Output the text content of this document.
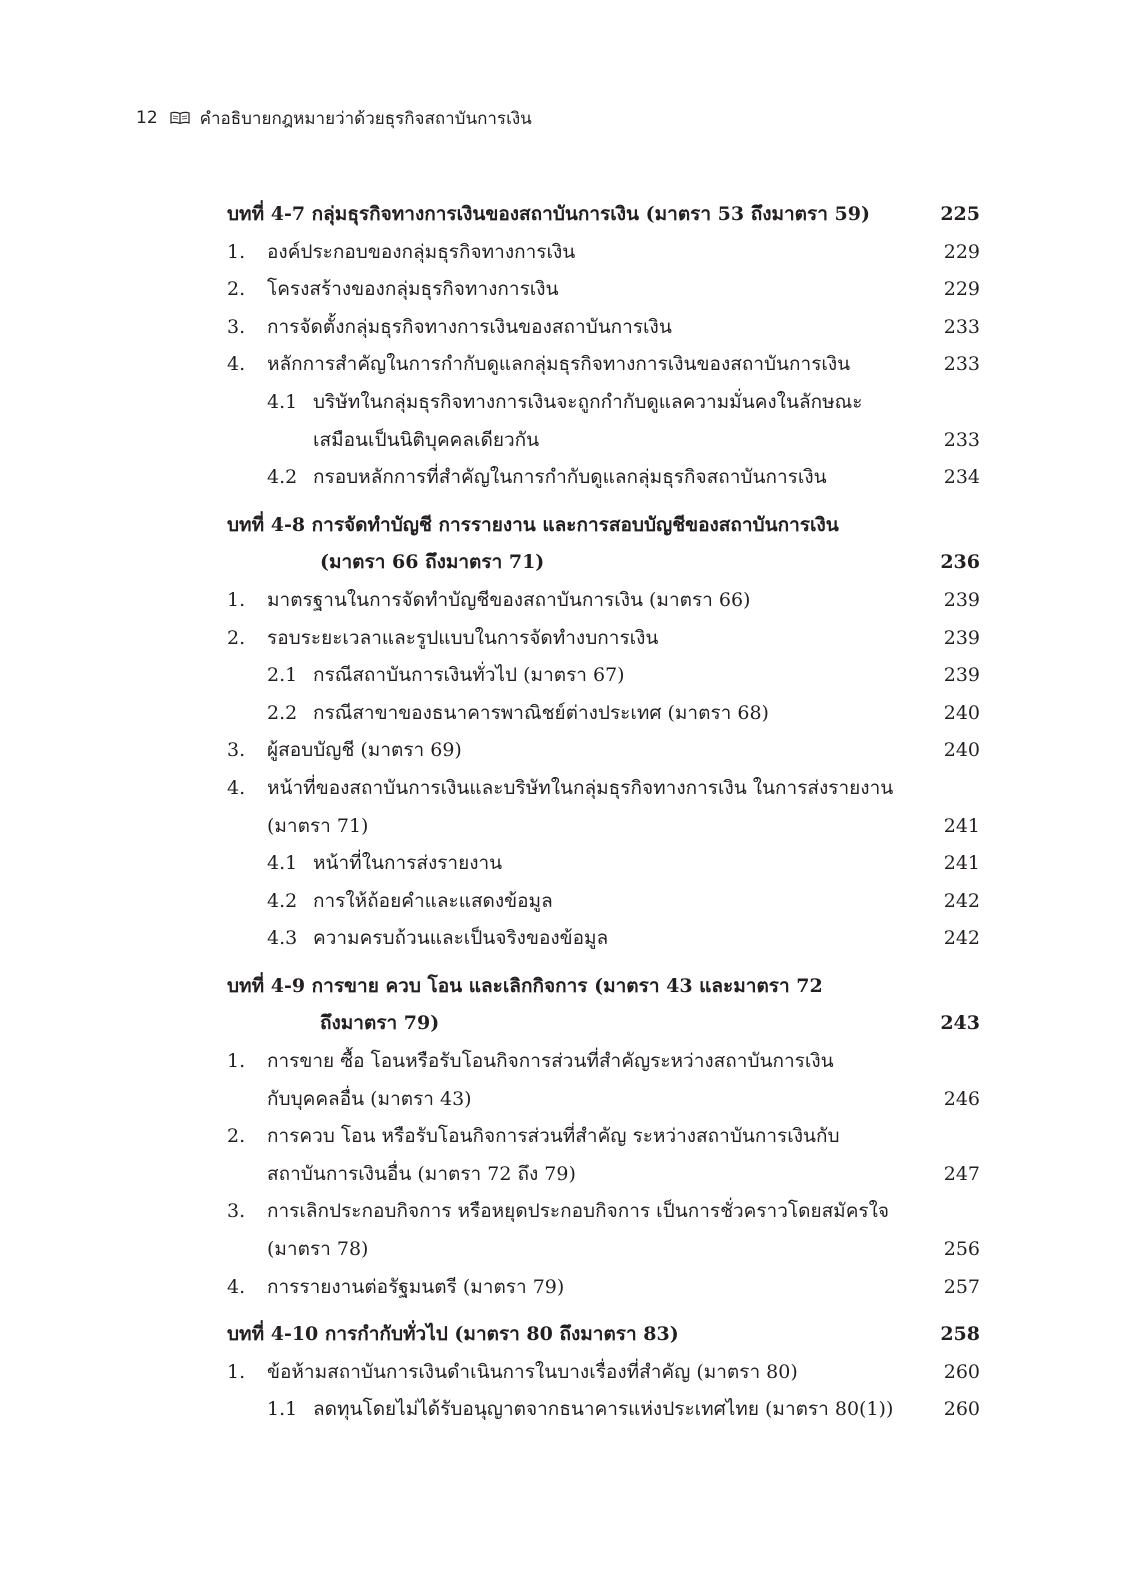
12 คำอธิบายกฎหมายว่าด้วยธุรกิจสถาบันการเงิน
บทที่ 4-7 กลุ่มธุรกิจทางการเงินของสถาบันการเงิน (มาตรา 53 ถึงมาตรา 59)	225
1. องค์ประกอบของกลุ่มธุรกิจทางการเงิน	229
2. โครงสร้างของกลุ่มธุรกิจทางการเงิน	229
3. การจัดตั้งกลุ่มธุรกิจทางการเงินของสถาบันการเงิน	233
4. หลักการสำคัญในการกำกับดูแลกลุ่มธุรกิจทางการเงินของสถาบันการเงิน	233
4.1 บริษัทในกลุ่มธุรกิจทางการเงินจะถูกกำกับดูแลความมั่นคงในลักษณะ
เสมือนเป็นนิติบุคคลเดียวกัน	233
4.2 กรอบหลักการที่สำคัญในการกำกับดูแลกลุ่มธุรกิจสถาบันการเงิน	234
บทที่ 4-8 การจัดทำบัญชี การรายงาน และการสอบบัญชีของสถาบันการเงิน
(มาตรา 66 ถึงมาตรา 71)	236
1. มาตรฐานในการจัดทำบัญชีของสถาบันการเงิน (มาตรา 66)	239
2. รอบระยะเวลาและรูปแบบในการจัดทำงบการเงิน	239
2.1 กรณีสถาบันการเงินทั่วไป (มาตรา 67)	239
2.2 กรณีสาขาของธนาคารพาณิชย์ต่างประเทศ (มาตรา 68)	240
3. ผู้สอบบัญชี (มาตรา 69)	240
4. หน้าที่ของสถาบันการเงินและบริษัทในกลุ่มธุรกิจทางการเงิน ในการส่งรายงาน
(มาตรา 71)	241
4.1 หน้าที่ในการส่งรายงาน	241
4.2 การให้ถ้อยคำและแสดงข้อมูล	242
4.3 ความครบถ้วนและเป็นจริงของข้อมูล	242
บทที่ 4-9 การขาย ควบ โอน และเลิกกิจการ (มาตรา 43 และมาตรา 72
ถึงมาตรา 79)	243
1. การขาย ซื้อ โอนหรือรับโอนกิจการส่วนที่สำคัญระหว่างสถาบันการเงิน
กับบุคคลอื่น (มาตรา 43)	246
2. การควบ โอน หรือรับโอนกิจการส่วนที่สำคัญ ระหว่างสถาบันการเงินกับ
สถาบันการเงินอื่น (มาตรา 72 ถึง 79)	247
3. การเลิกประกอบกิจการ หรือหยุดประกอบกิจการ เป็นการชั่วคราวโดยสมัครใจ
(มาตรา 78)	256
4. การรายงานต่อรัฐมนตรี (มาตรา 79)	257
บทที่ 4-10 การกำกับทั่วไป (มาตรา 80 ถึงมาตรา 83)	258
1. ข้อห้ามสถาบันการเงินดำเนินการในบางเรื่องที่สำคัญ (มาตรา 80)	260
1.1 ลดทุนโดยไม่ได้รับอนุญาตจากธนาคารแห่งประเทศไทย (มาตรา 80(1))	260
